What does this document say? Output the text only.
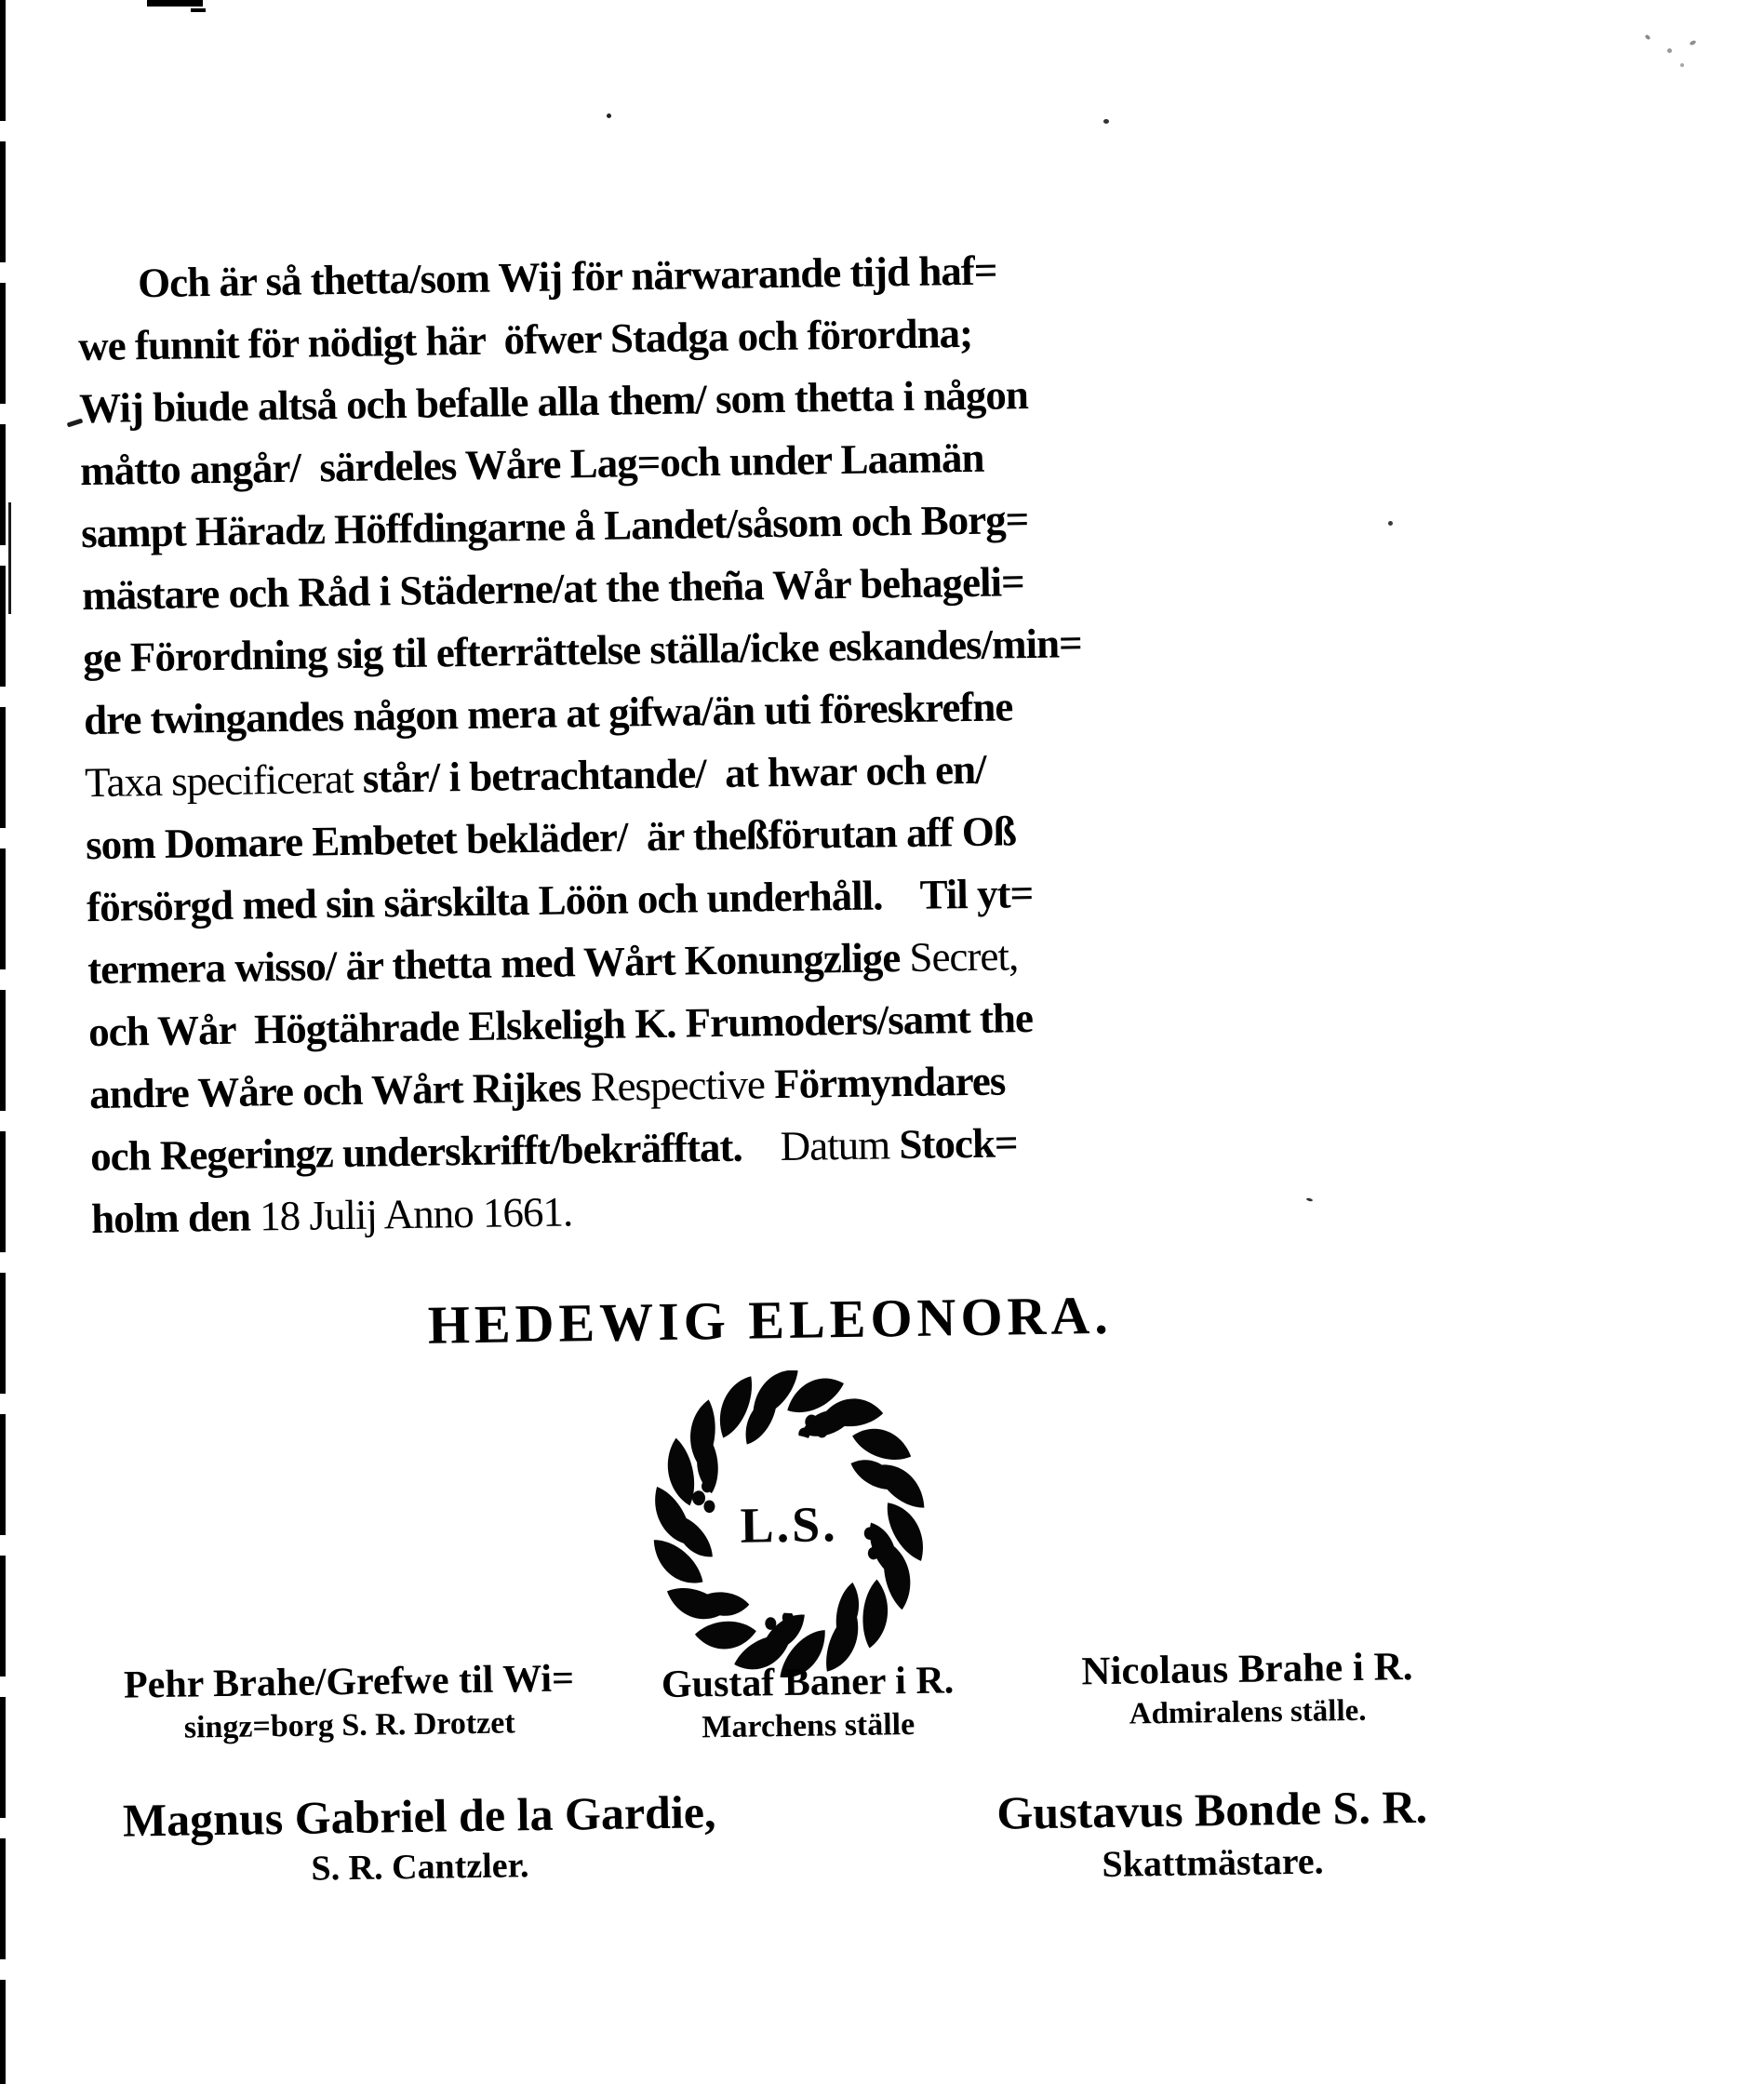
Och är så thetta/som Wij för närwarande tijd haf=
we funnit för nödigt här  öfwer Stadga och förordna;
Wij biude altså och befalle alla them/ som thetta i någon
måtto angår/  särdeles Wåre Lag=och under Laamän
sampt Häradz Höffdingarne å Landet/såsom och Borg=
mästare och Råd i Städerne/at the theña Wår behageli=
ge Förordning sig til efterrättelse ställa/icke eskandes/min=
dre twingandes någon mera at gifwa/än uti föreskrefne
Taxa specificerat står/ i betrachtande/  at hwar och en/
som Domare Embetet bekläder/  är theßförutan aff Oß
försörgd med sin särskilta Löön och underhåll.    Til yt=
termera wisso/ är thetta med Wårt Konungzlige Secret,
och Wår  Högtährade Elskeligh K. Frumoders/samt the
andre Wåre och Wårt Rijkes Respective Förmyndares
och Regeringz underskrifft/bekräfftat.    Datum Stock=
holm den 18 Julij Anno 1661.
HEDEWIG ELEONORA.
L.S.
Pehr Brahe/Grefwe til Wi=
singz=borg S. R. Drotzet
Gustaf Baner i R.
Marchens ställe
Nicolaus Brahe i R.
Admiralens ställe.
Magnus Gabriel de la Gardie,
S. R. Cantzler.
Gustavus Bonde S. R.
Skattmästare.
